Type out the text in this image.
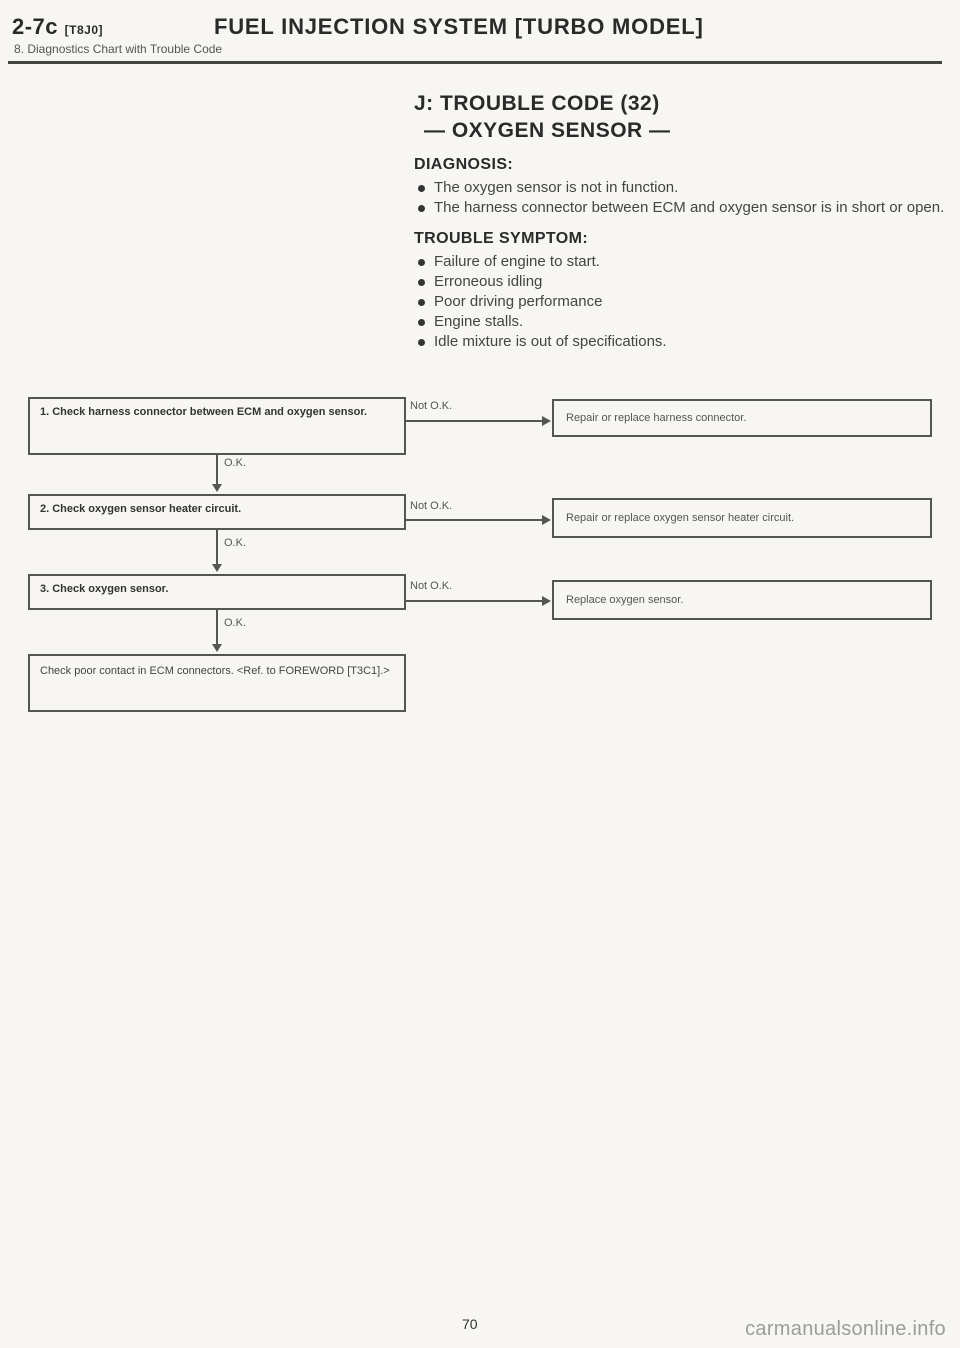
2-7c [T8J0]	FUEL INJECTION SYSTEM [TURBO MODEL]
8. Diagnostics Chart with Trouble Code
J: TROUBLE CODE (32)
— OXYGEN SENSOR —
DIAGNOSIS:
The oxygen sensor is not in function.
The harness connector between ECM and oxygen sensor is in short or open.
TROUBLE SYMPTOM:
Failure of engine to start.
Erroneous idling
Poor driving performance
Engine stalls.
Idle mixture is out of specifications.
1. Check harness connector between ECM and oxygen sensor.	Not O.K.
Repair or replace harness connector.
O.K.
2. Check oxygen sensor heater circuit.	Not O.K.
Repair or replace oxygen sensor heater circuit.
O.K.
3. Check oxygen sensor.	Not O.K.
Replace oxygen sensor.
O.K.
Check poor contact in ECM connectors. <Ref. to FOREWORD [T3C1].>
70	carmanualsonline.info
